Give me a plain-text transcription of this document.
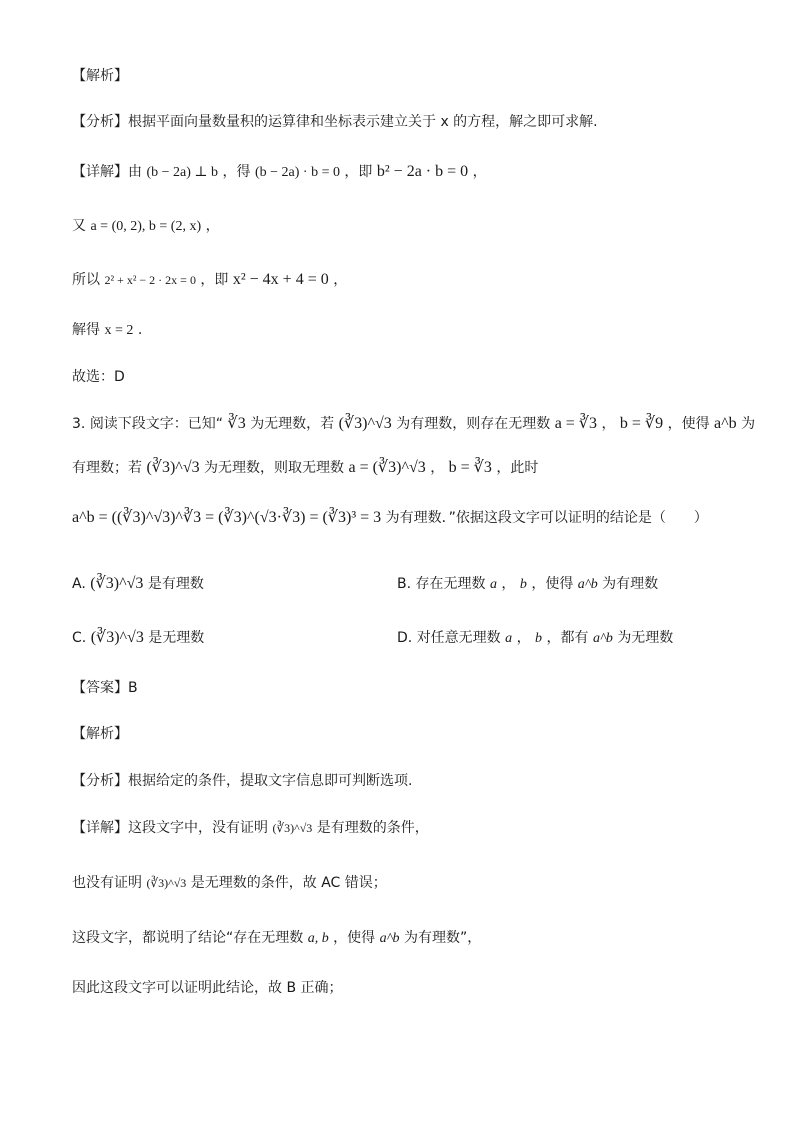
【解析】
【分析】根据平面向量数量积的运算律和坐标表示建立关于 x 的方程，解之即可求解.
【详解】由 (b − 2a) ⊥ b ，得 (b − 2a) · b = 0 ，即 b² − 2a · b = 0 ，
又 a = (0, 2), b = (2, x) ，
所以 2² + x² − 2 · 2x = 0 ，即 x² − 4x + 4 = 0 ，
解得 x = 2 .
故选：D
3. 阅读下段文字：已知“ ∛3 为无理数，若 (∛3)^√3 为有理数，则存在无理数 a = ∛3 ， b = ∛9 ，使得 a^b 为
有理数；若 (∛3)^√3 为无理数，则取无理数 a = (∛3)^√3 ， b = ∛3 ，此时
a^b = ((∛3)^√3)^∛3 = (∛3)^(√3·∛3) = (∛3)³ = 3 为有理数．”依据这段文字可以证明的结论是（　　）
A. (∛3)^√3 是有理数	B. 存在无理数 a ， b ，使得 a^b 为有理数
C. (∛3)^√3 是无理数	D. 对任意无理数 a ， b ，都有 a^b 为无理数
【答案】B
【解析】
【分析】根据给定的条件，提取文字信息即可判断选项.
【详解】这段文字中，没有证明 (∛3)^√3 是有理数的条件，
也没有证明 (∛3)^√3 是无理数的条件，故 AC 错误；
这段文字，都说明了结论“存在无理数 a, b ，使得 a^b 为有理数”，
因此这段文字可以证明此结论，故 B 正确；
